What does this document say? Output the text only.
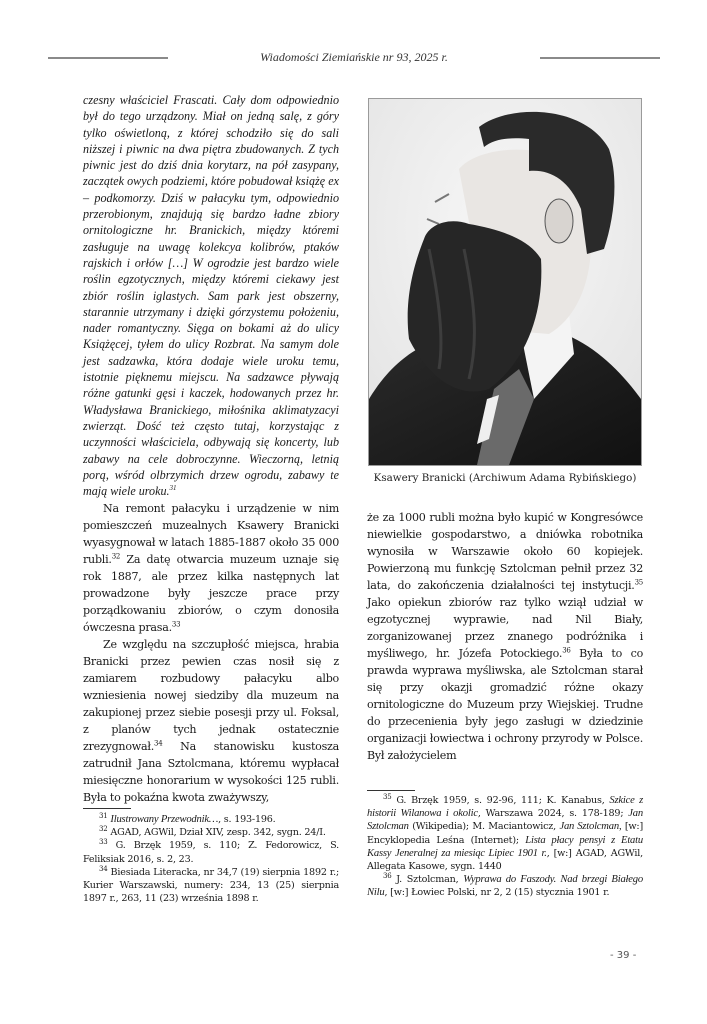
Wiadomości Ziemiańskie nr 93, 2025 r.

czesny właściciel Frascati. Cały dom odpowiednio był do tego urządzony. Miał on jedną salę, z góry tylko oświetloną, z której schodziło się do sali niższej i piwnic na dwa piętra zbudowanych. Z tych piwnic jest do dziś dnia korytarz, na pół zasypany, zaczątek owych podziemi, które pobudował książę ex – podkomorzy. Dziś w pałacyku tym, odpowiednio przerobionym, znajdują się bardzo ładne zbiory ornitologiczne hr. Branickich, między któremi zasługuje na uwagę kolekcya kolibrów, ptaków rajskich i orłów […] W ogrodzie jest bardzo wiele roślin egzotycznych, między któremi ciekawy jest zbiór roślin iglastych. Sam park jest obszerny, starannie utrzymany i dzięki górzystemu położeniu, nader romantyczny. Sięga on bokami aż do ulicy Książęcej, tyłem do ulicy Rozbrat. Na samym dole jest sadzawka, która dodaje wiele uroku temu, istotnie pięknemu miejscu. Na sadzawce pływają różne gatunki gęsi i kaczek, hodowanych przez hr. Władysława Branickiego, miłośnika aklimatyzacyi zwierząt. Dość też często tutaj, korzystając z uczynności właściciela, odbywają się koncerty, lub zabawy na cele dobroczynne. Wieczorną, letnią porą, wśród olbrzymich drzew ogrodu, zabawy te mają wiele uroku.$^{31}$

Na remont pałacyku i urządzenie w nim pomieszczeń muzealnych Ksawery Branicki wyasygnował w latach 1885-1887 około 35 000 rubli.$^{32}$ Za datę otwarcia muzeum uznaje się rok 1887, ale przez kilka następnych lat prowadzone były jeszcze prace przy porządkowaniu zbiorów, o czym donosiła ówczesna prasa.$^{33}$

Ze względu na szczupłość miejsca, hrabia Branicki przez pewien czas nosił się z zamiarem rozbudowy pałacyku albo wzniesienia nowej siedziby dla muzeum na zakupionej przez siebie posesji przy ul. Foksal, z planów tych jednak ostatecznie zrezygnował.$^{34}$ Na stanowisku kustosza zatrudnił Jana Sztolcmana, któremu wypłacał miesięczne honorarium w wysokości 125 rubli. Była to pokaźna kwota zważywszy,

$^{31}$ Ilustrowany Przewodnik…, s. 193-196.

$^{32}$ AGAD, AGWil, Dział XIV, zesp. 342, sygn. 24/I.

$^{33}$ G. Brzęk 1959, s. 110; Z. Fedorowicz, S. Feliksiak 2016, s. 2, 23.

$^{34}$ Biesiada Literacka, nr 34,7 (19) sierpnia 1892 r.; Kurier Warszawski, numery: 234, 13 (25) sierpnia 1897 r., 263, 11 (23) września 1898 r.

Ksawery Branicki (Archiwum Adama Rybińskiego)

że za 1000 rubli można było kupić w Kongresówce niewielkie gospodarstwo, a dniówka robotnika wynosiła w Warszawie około 60 kopiejek. Powierzoną mu funkcję Sztolcman pełnił przez 32 lata, do zakończenia działalności tej instytucji.$^{35}$ Jako opiekun zbiorów raz tylko wziął udział w egzotycznej wyprawie, nad Nil Biały, zorganizowanej przez znanego podróżnika i myśliwego, hr. Józefa Potockiego.$^{36}$ Była to co prawda wyprawa myśliwska, ale Sztolcman starał się przy okazji gromadzić różne okazy ornitologiczne do Muzeum przy Wiejskiej. Trudne do przecenienia były jego zasługi w dziedzinie organizacji łowiectwa i ochrony przyrody w Polsce. Był założycielem

$^{35}$ G. Brzęk 1959, s. 92-96, 111; K. Kanabus, Szkice z historii Wilanowa i okolic, Warszawa 2024, s. 178-189; Jan Sztolcman (Wikipedia); M. Maciantowicz, Jan Sztolcman, [w:] Encyklopedia Leśna (Internet); Lista płacy pensyi z Etatu Kassy Jeneralnej za miesiąc Lipiec 1901 r., [w:] AGAD, AGWil, Allegata Kasowe, sygn. 1440

$^{36}$ J. Sztolcman, Wyprawa do Faszody. Nad brzegi Białego Nilu, [w:] Łowiec Polski, nr 2, 2 (15) stycznia 1901 r.

- 39 -
